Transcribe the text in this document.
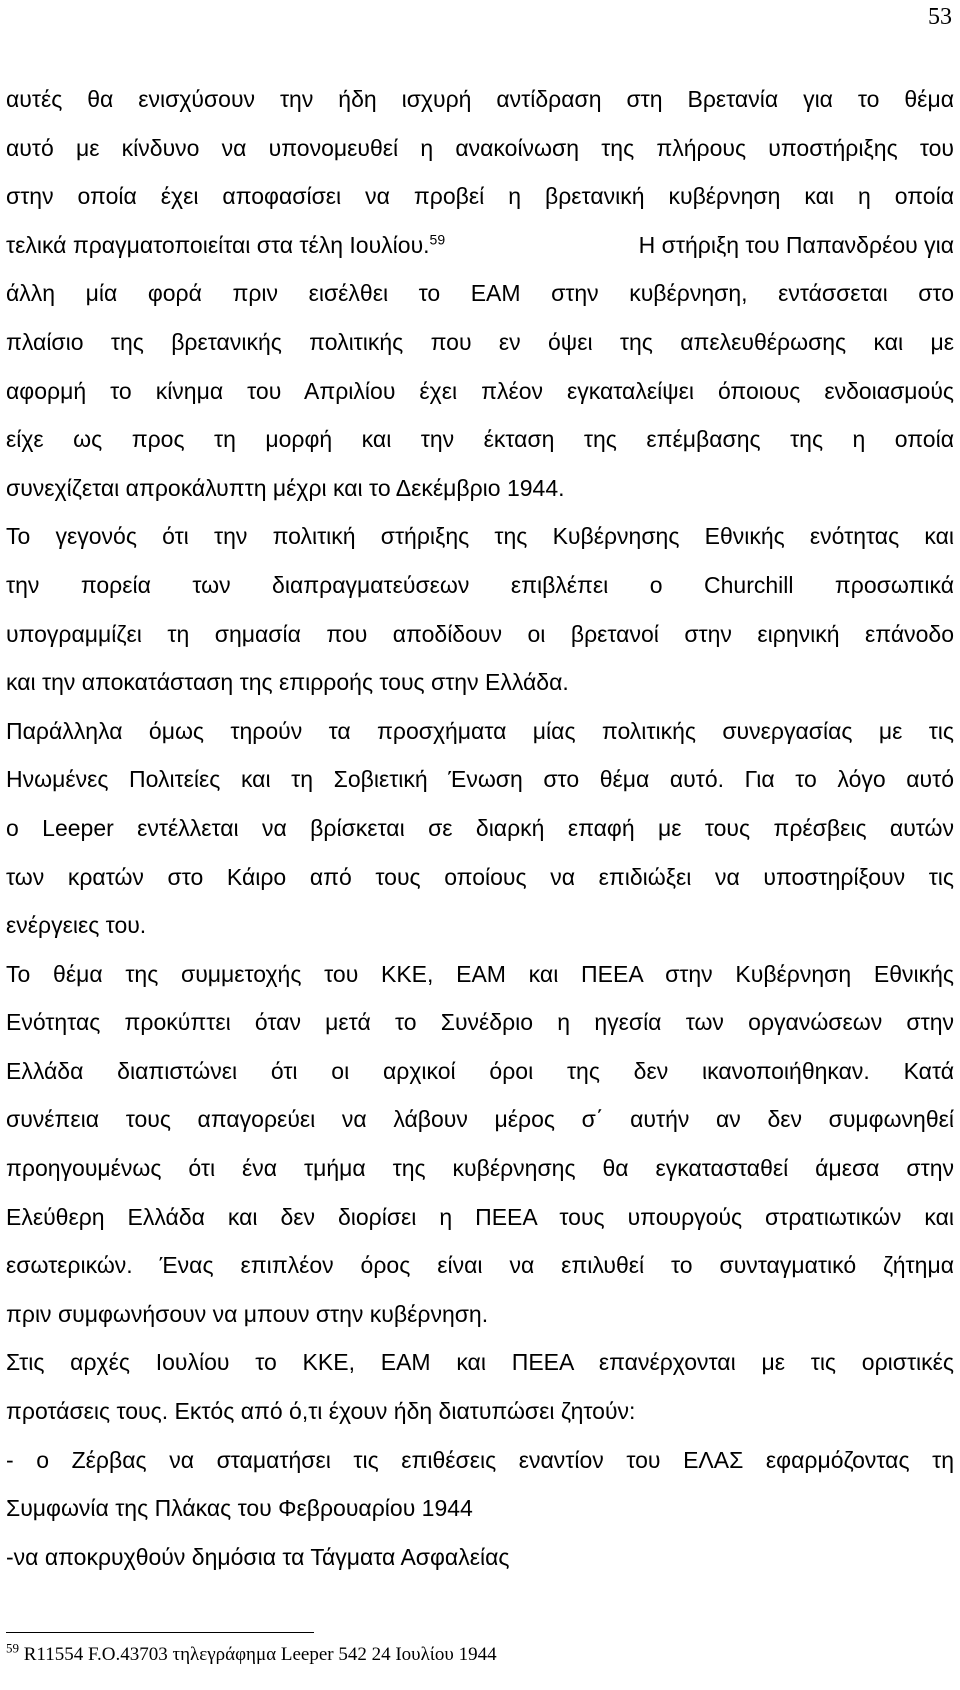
53
αυτές θα ενισχύσουν την ήδη ισχυρή αντίδραση στη Βρετανία για το θέμα
αυτό με κίνδυνο να υπονομευθεί η ανακοίνωση της πλήρους υποστήριξης του
στην οποία έχει αποφασίσει να προβεί η βρετανική κυβέρνηση και η οποία
τελικά πραγματοποιείται στα τέλη Ιουλίου.$^{59}$	Η στήριξη του Παπανδρέου για
άλλη μία φορά πριν εισέλθει το ΕΑΜ στην κυβέρνηση, εντάσσεται στο
πλαίσιο της βρετανικής πολιτικής που εν όψει της απελευθέρωσης και με
αφορμή το κίνημα του Απριλίου έχει πλέον εγκαταλείψει όποιους ενδοιασμούς
είχε ως προς τη μορφή και την έκταση της επέμβασης της η οποία
συνεχίζεται απροκάλυπτη μέχρι και το Δεκέμβριο 1944.
Το γεγονός ότι την πολιτική στήριξης της Κυβέρνησης Εθνικής ενότητας και
την πορεία των διαπραγματεύσεων επιβλέπει ο Churchill προσωπικά
υπογραμμίζει τη σημασία που αποδίδουν οι βρετανοί στην ειρηνική επάνοδο
και την αποκατάσταση της επιρροής τους στην Ελλάδα.
Παράλληλα όμως τηρούν τα προσχήματα μίας πολιτικής συνεργασίας με τις
Ηνωμένες Πολιτείες και τη Σοβιετική Ένωση στο θέμα αυτό. Για το λόγο αυτό
ο Leeper εντέλλεται να βρίσκεται σε διαρκή επαφή με τους πρέσβεις αυτών
των κρατών στο Κάιρο από τους οποίους να επιδιώξει να υποστηρίξουν τις
ενέργειες του.
Το θέμα της συμμετοχής του ΚΚΕ, ΕΑΜ και ΠΕΕΑ στην Κυβέρνηση Εθνικής
Ενότητας προκύπτει όταν μετά το Συνέδριο η ηγεσία των οργανώσεων στην
Ελλάδα διαπιστώνει ότι οι αρχικοί όροι της δεν ικανοποιήθηκαν. Κατά
συνέπεια τους απαγορεύει να λάβουν μέρος σ΄ αυτήν αν δεν συμφωνηθεί
προηγουμένως ότι ένα τμήμα της κυβέρνησης θα εγκατασταθεί άμεσα στην
Ελεύθερη Ελλάδα και δεν διορίσει η ΠΕΕΑ τους υπουργούς στρατιωτικών και
εσωτερικών. Ένας επιπλέον όρος είναι να επιλυθεί το συνταγματικό ζήτημα
πριν συμφωνήσουν να μπουν στην κυβέρνηση.
Στις αρχές Ιουλίου το ΚΚΕ, ΕΑΜ και ΠΕΕΑ επανέρχονται με τις οριστικές
προτάσεις τους. Εκτός από ό,τι έχουν ήδη διατυπώσει ζητούν:
- ο Ζέρβας να σταματήσει τις επιθέσεις εναντίον του ΕΛΑΣ εφαρμόζοντας τη
Συμφωνία της Πλάκας του Φεβρουαρίου 1944
-να αποκρυχθούν δημόσια τα Τάγματα Ασφαλείας
$^{59}$ R11554 F.O.43703 τηλεγράφημα Leeper 542 24 Ιουλίου 1944
